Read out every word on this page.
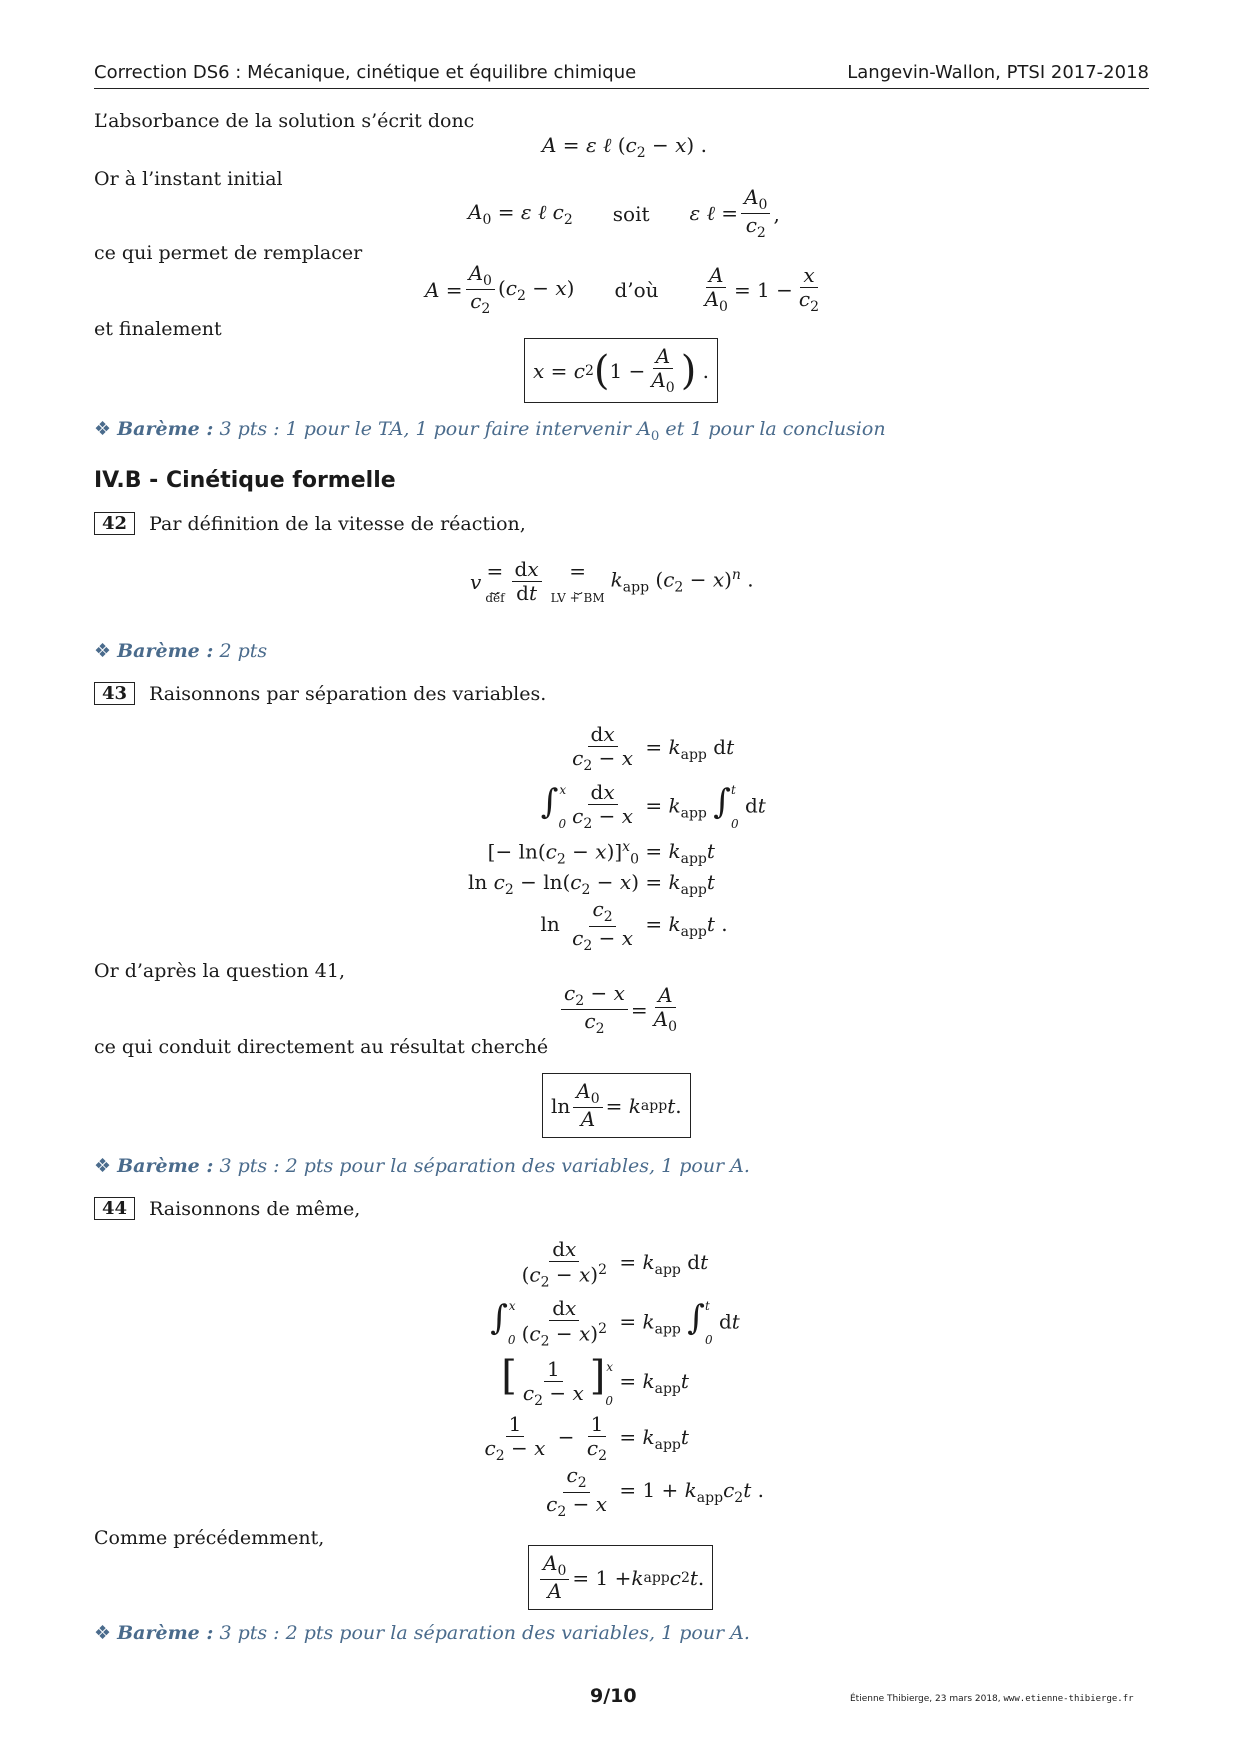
Correction DS6 : Mécanique, cinétique et équilibre chimique	Langevin-Wallon, PTSI 2017-2018
L’absorbance de la solution s’écrit donc
A = ε ℓ $(c_2 - x)$ .
Or à l’instant initial
$A_0 = \varepsilon$ ℓ $c_2$ soit ε ℓ = $\frac{A_0}{c_2}$ ,
ce qui permet de remplacer
$A = \frac{A_0}{c_2} (c_2 - x)$ d’où $\frac{A}{A_0} = 1 - \frac{x}{c_2}$
et finalement
x = c 2 ( $1 - \frac{A}{A_0}$ ) .
❖ Barème : 3 pts : 1 pour le TA, 1 pour faire intervenir $A_0$ et 1 pour la conclusion
IV.B - Cinétique formelle
42	Par définition de la vitesse de réaction,
v =
⏟
déf $\frac{dx}{dt}$ =
⏟
LV + BM
$k_{app}$ $(c_2 - x)^n$ .
❖ Barème : 2 pts
43	Raisonnons par séparation des variables.
$\frac{dx}{c_2 - x} = k_{app}$ dt
∫ x
$0 \frac{dx}{c_2 - x} = k_{app}$ ∫ t
0
dt
[− $\ln(c_2 - x)]^x_0 = k_{app}t$
$\ln c_2 - \ln(c_2 - x) = k_{app}t$
$\ln \frac{c_2}{c_2 - x} = k_{app}t$ .
Or d’après la question 41,
$\frac{c_2 - x}{c_2} = \frac{A}{A_0}$
ce qui conduit directement au résultat cherché
$\ln \frac{A_0}{A} = k$ app t .
❖ Barème : 3 pts : 2 pts pour la séparation des variables, 1 pour A.
44	Raisonnons de même,
$\frac{dx}{(c_2 - x)^2} = k_{app}$ dt
∫ x
$0 \frac{dx}{(c_2 - x)^2} = k_{app}$ ∫ t
0
dt
[ $\frac{1}{c_2 - x}$ ] x
0
= $k_{app}t$
$\frac{1}{c_2 - x} - \frac{1}{c_2} = k_{app}t$
$\frac{c_2}{c_2 - x} = 1 + k_{app}c_2t$ .
Comme précédemment,
$\frac{A_0}{A} = 1 + k$ app c 2 t .
❖ Barème : 3 pts : 2 pts pour la séparation des variables, 1 pour A.
9/10	Étienne Thibierge, 23 mars 2018, www.etienne-thibierge.fr
